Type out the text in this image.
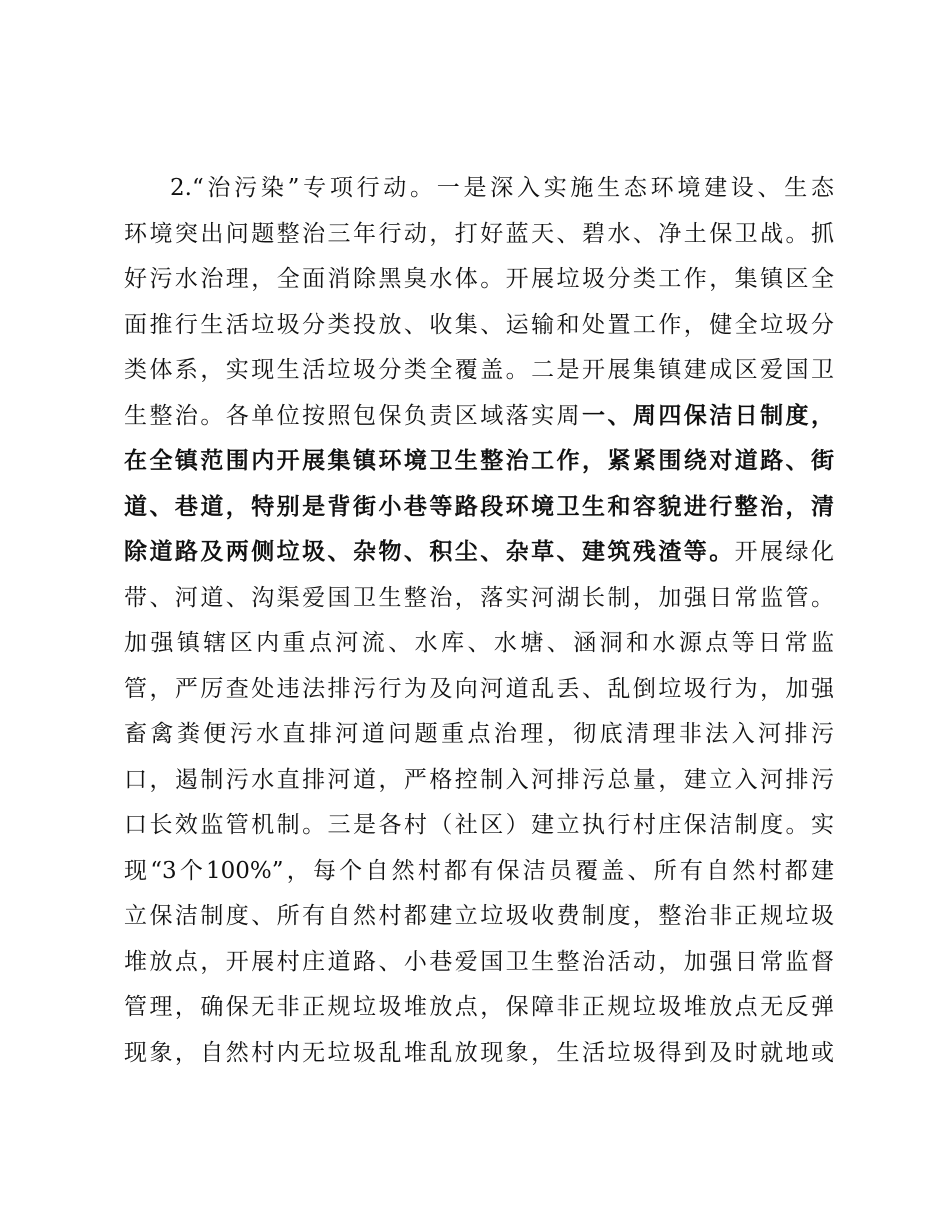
2.“治污染”专项行动。一是深入实施生态环境建设、生态
环境突出问题整治三年行动，打好蓝天、碧水、净土保卫战。抓
好污水治理，全面消除黑臭水体。开展垃圾分类工作，集镇区全
面推行生活垃圾分类投放、收集、运输和处置工作，健全垃圾分
类体系，实现生活垃圾分类全覆盖。二是开展集镇建成区爱国卫
生整治。各单位按照包保负责区域落实周一、周四保洁日制度，
在全镇范围内开展集镇环境卫生整治工作，紧紧围绕对道路、街
道、巷道，特别是背街小巷等路段环境卫生和容貌进行整治，清
除道路及两侧垃圾、杂物、积尘、杂草、建筑残渣等。开展绿化
带、河道、沟渠爱国卫生整治，落实河湖长制，加强日常监管。
加强镇辖区内重点河流、水库、水塘、涵洞和水源点等日常监
管，严厉查处违法排污行为及向河道乱丢、乱倒垃圾行为，加强
畜禽粪便污水直排河道问题重点治理，彻底清理非法入河排污
口，遏制污水直排河道，严格控制入河排污总量，建立入河排污
口长效监管机制。三是各村（社区）建立执行村庄保洁制度。实
现“3个100%”，每个自然村都有保洁员覆盖、所有自然村都建
立保洁制度、所有自然村都建立垃圾收费制度，整治非正规垃圾
堆放点，开展村庄道路、小巷爱国卫生整治活动，加强日常监督
管理，确保无非正规垃圾堆放点，保障非正规垃圾堆放点无反弹
现象，自然村内无垃圾乱堆乱放现象，生活垃圾得到及时就地或
